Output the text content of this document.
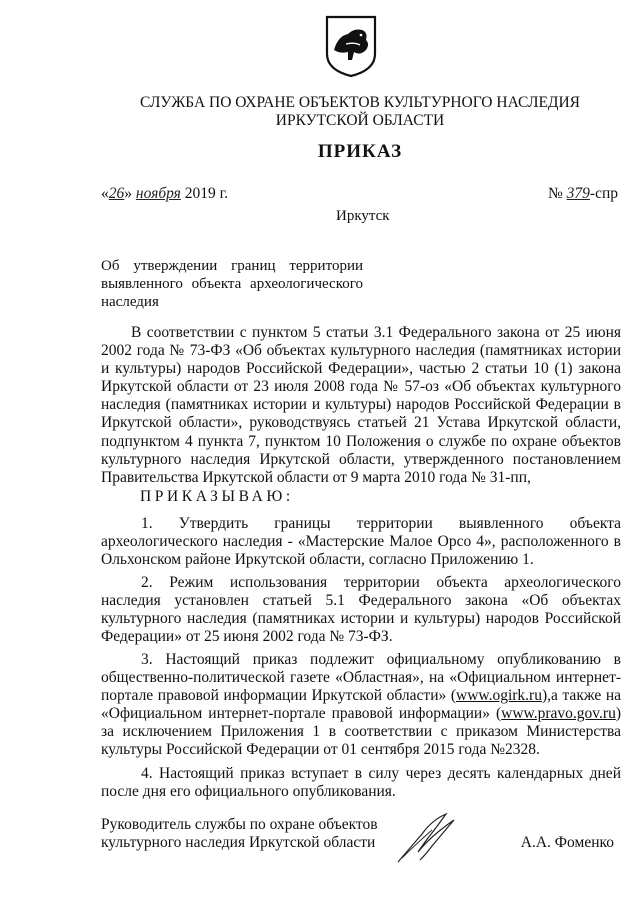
СЛУЖБА ПО ОХРАНЕ ОБЪЕКТОВ КУЛЬТУРНОГО НАСЛЕДИЯ
ИРКУТСКОЙ ОБЛАСТИ
ПРИКАЗ
«26» ноября 2019 г.	№ 379-спр
Иркутск
Об утверждении границ территории выявленного объекта археологического наследия
В соответствии с пунктом 5 статьи 3.1 Федерального закона от 25 июня 2002 года № 73-ФЗ «Об объектах культурного наследия (памятниках истории и культуры) народов Российской Федерации», частью 2 статьи 10 (1) закона Иркутской области от 23 июля 2008 года № 57-оз «Об объектах культурного наследия (памятниках истории и культуры) народов Российской Федерации в Иркутской области», руководствуясь статьей 21 Устава Иркутской области, подпунктом 4 пункта 7, пунктом 10 Положения о службе по охране объектов культурного наследия Иркутской области, утвержденного постановлением Правительства Иркутской области от 9 марта 2010 года № 31-пп,
ПРИКАЗЫВАЮ:
1. Утвердить границы территории выявленного объекта археологического наследия - «Мастерские Малое Орсо 4», расположенного в Ольхонском районе Иркутской области, согласно Приложению 1.
2. Режим использования территории объекта археологического наследия установлен статьей 5.1 Федерального закона «Об объектах культурного наследия (памятниках истории и культуры) народов Российской Федерации» от 25 июня 2002 года № 73-ФЗ.
3. Настоящий приказ подлежит официальному опубликованию в общественно-политической газете «Областная», на «Официальном интернет-портале правовой информации Иркутской области» (www.ogirk.ru),а также на «Официальном интернет-портале правовой информации» (www.pravo.gov.ru) за исключением Приложения 1 в соответствии с приказом Министерства культуры Российской Федерации от 01 сентября 2015 года №2328.
4. Настоящий приказ вступает в силу через десять календарных дней после дня его официального опубликования.
Руководитель службы по охране объектов
культурного наследия Иркутской области	А.А. Фоменко
